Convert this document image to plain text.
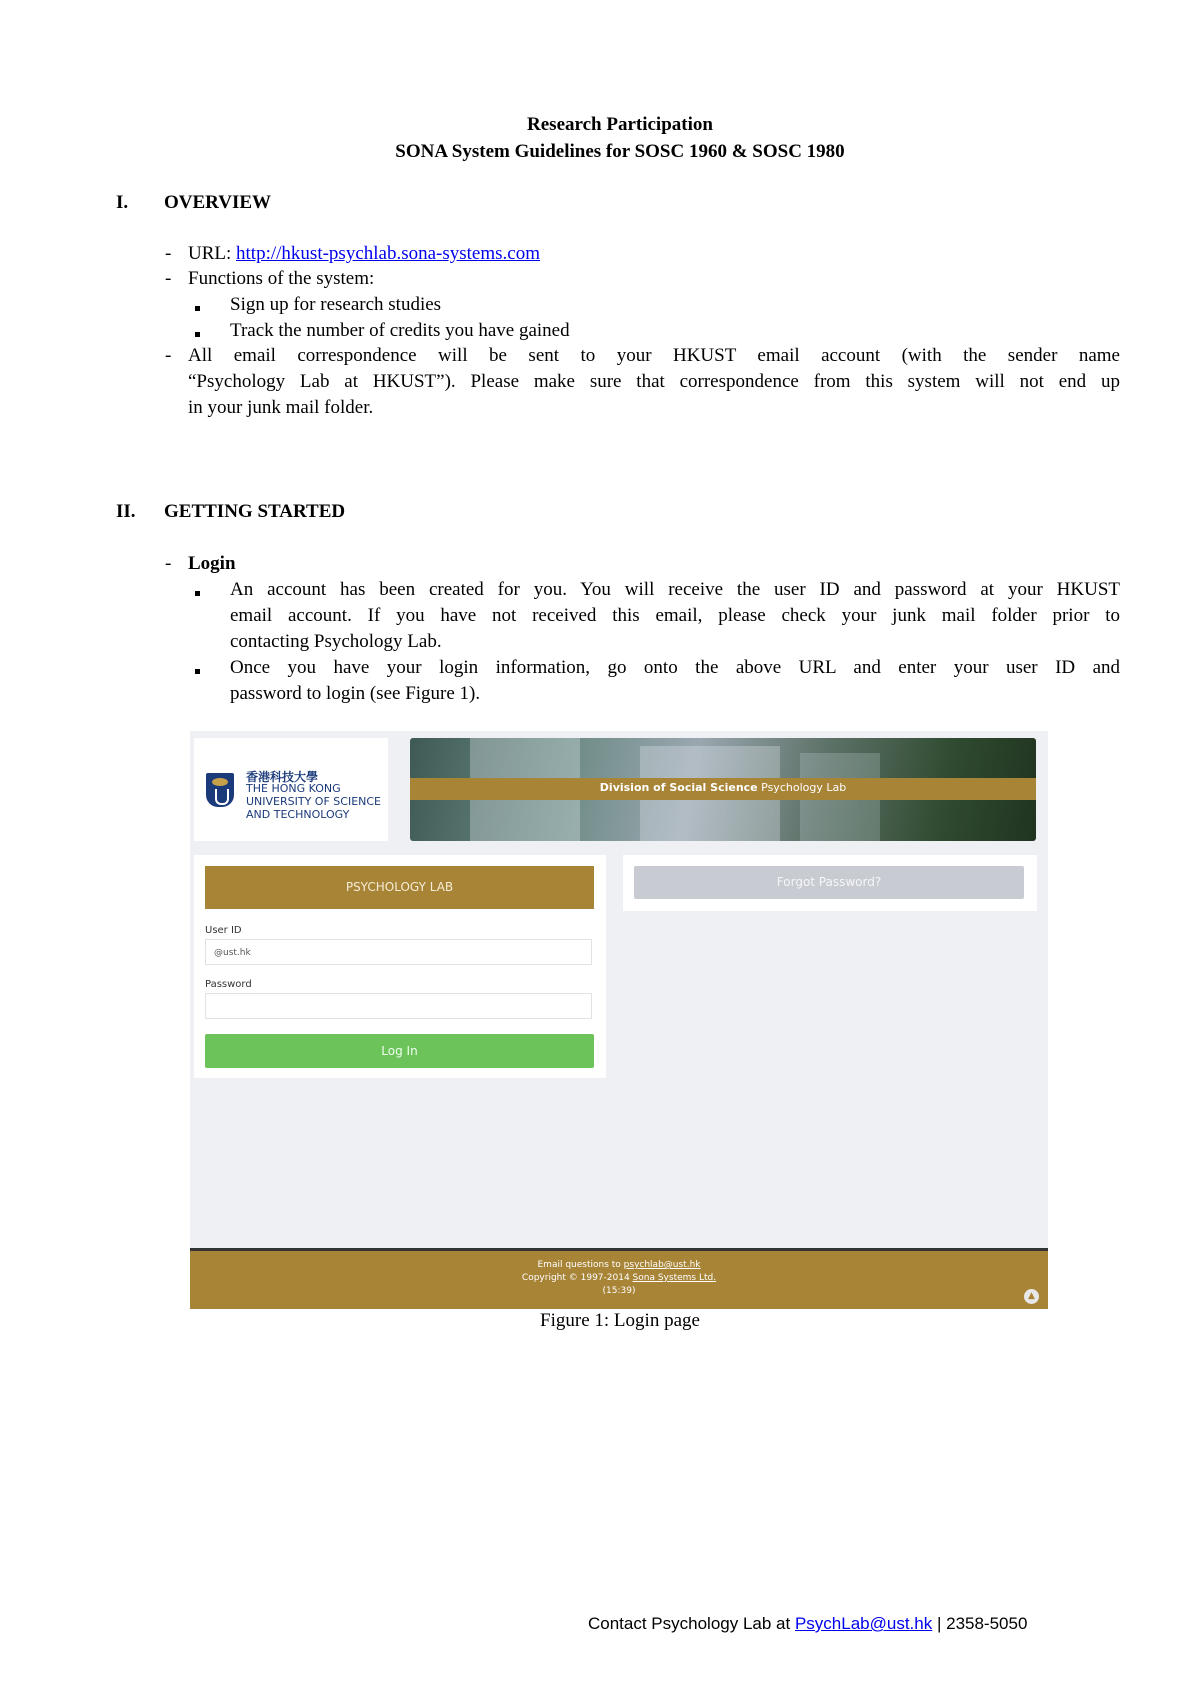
Research Participation
SONA System Guidelines for SOSC 1960 & SOSC 1980
I. OVERVIEW
- URL: http://hkust-psychlab.sona-systems.com
- Functions of the system:
Sign up for research studies
Track the number of credits you have gained
- All email correspondence will be sent to your HKUST email account (with the sender name
“Psychology Lab at HKUST”). Please make sure that correspondence from this system will not end up
in your junk mail folder.
II. GETTING STARTED
- Login
An account has been created for you. You will receive the user ID and password at your HKUST
email account. If you have not received this email, please check your junk mail folder prior to
contacting Psychology Lab.
Once you have your login information, go onto the above URL and enter your user ID and
password to login (see Figure 1).
香港科技大學
THE HONG KONG UNIVERSITY OF SCIENCE AND TECHNOLOGY
Division of Social Science Psychology Lab
PSYCHOLOGY LAB
User ID
@ust.hk
Password
Log In
Forgot Password?
Email questions to psychlab@ust.hk
Copyright © 1997-2014 Sona Systems Ltd.
(15:39)	▲
Figure 1: Login page
Contact Psychology Lab at PsychLab@ust.hk | 2358-5050
